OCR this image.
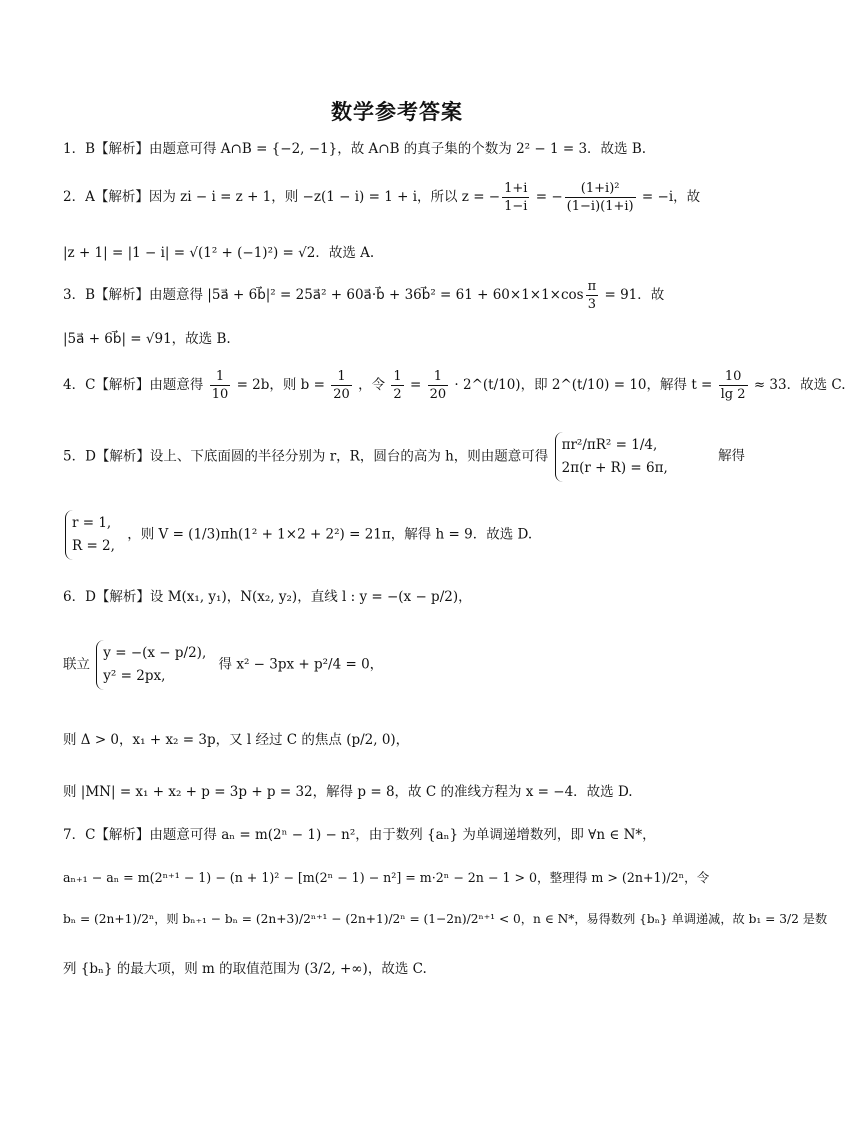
数学参考答案
1．B【解析】由题意可得 A∩B = {−2, −1}，故 A∩B 的真子集的个数为 2² − 1 = 3．故选 B.
2．A【解析】因为 zi − i = z + 1，则 −z(1 − i) = 1 + i，所以 z = − $\frac{1+i}{1-i}$ = − $\frac{\text{(1+i)²}}{(1-i)(1+i)} = -i$，故
|z + 1| = |1 − i| = √(1² + (−1)²) = √2．故选 A.
3．B【解析】由题意得 |5a⃗ + 6b⃗|² = 25a⃗² + 60a⃗·b⃗ + 36b⃗² = $61 + 60\times 1\times 1\times\cos \frac{\pi}{3} = 91$．故
|5a⃗ + 6b⃗| = √91，故选 B.
4．C【解析】由题意得 $\frac{1}{10} = 2b$，则 $b = \frac{1}{20}$ ，令 $\frac{1}{2} = \frac{1}{20}$ · 2^(t/10)，即 2^(t/10) = 10，解得 $t = \frac{10}{\lg 2} \approx 33$．故选 C.
5．D【解析】设上、下底面圆的半径分别为 r，R，圆台的高为 h，则由题意可得
πr²/πR² = 1/4,
2π(r + R) = 6π,
解得
r = 1,
R = 2,
，则 V = (1/3)πh(1² + 1×2 + 2²) = 21π，解得 h = 9．故选 D.
6．D【解析】设 M(x₁, y₁)，N(x₂, y₂)，直线 l : y = −(x − p/2)，
联立
y = −(x − p/2),
y² = 2px,
得 x² − 3px + p²/4 = 0，
则 Δ > 0，x₁ + x₂ = 3p，又 l 经过 C 的焦点 (p/2, 0)，
则 |MN| = x₁ + x₂ + p = 3p + p = 32，解得 p = 8，故 C 的准线方程为 x = −4．故选 D.
7．C【解析】由题意可得 aₙ = m(2ⁿ − 1) − n²，由于数列 {aₙ} 为单调递增数列，即 ∀n ∈ N*，
aₙ₊₁ − aₙ = m(2ⁿ⁺¹ − 1) − (n + 1)² − [m(2ⁿ − 1) − n²] = m·2ⁿ − 2n − 1 > 0，整理得 m > (2n+1)/2ⁿ，令
bₙ = (2n+1)/2ⁿ，则 bₙ₊₁ − bₙ = (2n+3)/2ⁿ⁺¹ − (2n+1)/2ⁿ = (1−2n)/2ⁿ⁺¹ < 0，n ∈ N*，易得数列 {bₙ} 单调递减，故 b₁ = 3/2 是数
列 {bₙ} 的最大项，则 m 的取值范围为 (3/2, +∞)，故选 C.
